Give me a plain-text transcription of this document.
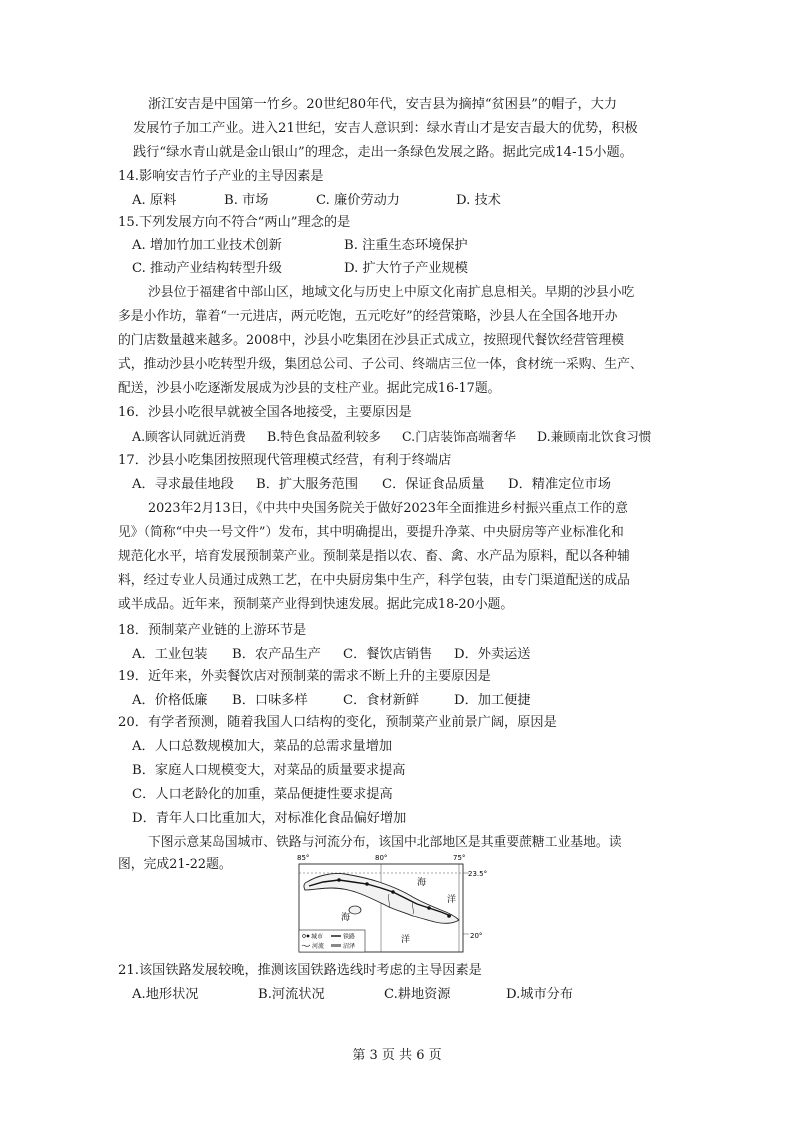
浙江安吉是中国第一竹乡。20世纪80年代，安吉县为摘掉“贫困县”的帽子，大力
发展竹子加工产业。进入21世纪，安吉人意识到：绿水青山才是安吉最大的优势，积极
践行“绿水青山就是金山银山”的理念，走出一条绿色发展之路。据此完成14-15小题。
14.影响安吉竹子产业的主导因素是
A. 原料	B. 市场	C. 廉价劳动力	D. 技术
15.下列发展方向不符合“两山”理念的是
A. 增加竹加工业技术创新	B. 注重生态环境保护
C. 推动产业结构转型升级	D. 扩大竹子产业规模
沙县位于福建省中部山区，地域文化与历史上中原文化南扩息息相关。早期的沙县小吃
多是小作坊，靠着“一元进店，两元吃饱，五元吃好”的经营策略，沙县人在全国各地开办
的门店数量越来越多。2008中，沙县小吃集团在沙县正式成立，按照现代餐饮经营管理模
式，推动沙县小吃转型升级，集团总公司、子公司、终端店三位一体，食材统一采购、生产、
配送，沙县小吃逐渐发展成为沙县的支柱产业。据此完成16-17题。
16．沙县小吃很早就被全国各地接受，主要原因是
A.顾客认同就近消费 B.特色食品盈利较多 C.门店装饰高端奢华 D.兼顾南北饮食习惯
17．沙县小吃集团按照现代管理模式经营，有利于终端店
A．寻求最佳地段 B．扩大服务范围 C．保证食品质量 D．精准定位市场
2023年2月13日，《中共中央国务院关于做好2023年全面推进乡村振兴重点工作的意
见》（简称“中央一号文件”）发布，其中明确提出，要提升净菜、中央厨房等产业标准化和
规范化水平，培育发展预制菜产业。预制菜是指以农、畜、禽、水产品为原料，配以各种辅
料，经过专业人员通过成熟工艺，在中央厨房集中生产，科学包装，由专门渠道配送的成品
或半成品。近年来，预制菜产业得到快速发展。据此完成18-20小题。
18．预制菜产业链的上游环节是
A．工业包装 B．农产品生产 C．餐饮店销售 D．外卖运送
19．近年来，外卖餐饮店对预制菜的需求不断上升的主要原因是
A．价格低廉 B．口味多样	C．食材新鲜	D．加工便捷
20．有学者预测，随着我国人口结构的变化，预制菜产业前景广阔，原因是
A．人口总数规模加大，菜品的总需求量增加
B．家庭人口规模变大，对菜品的质量要求提高
C．人口老龄化的加重，菜品便捷性要求提高
D．青年人口比重加大，对标准化食品偏好增加
下图示意某岛国城市、铁路与河流分布，该国中北部地区是其重要蔗糖工业基地。读
图，完成21-22题。	85°	80°	75°
23.5°
20°
海
洋
洋
海
城市	铁路
河流	沼泽
21.该国铁路发展较晚，推测该国铁路选线时考虑的主导因素是
A.地形状况	B.河流状况	C.耕地资源	D.城市分布
第 3 页 共 6 页
